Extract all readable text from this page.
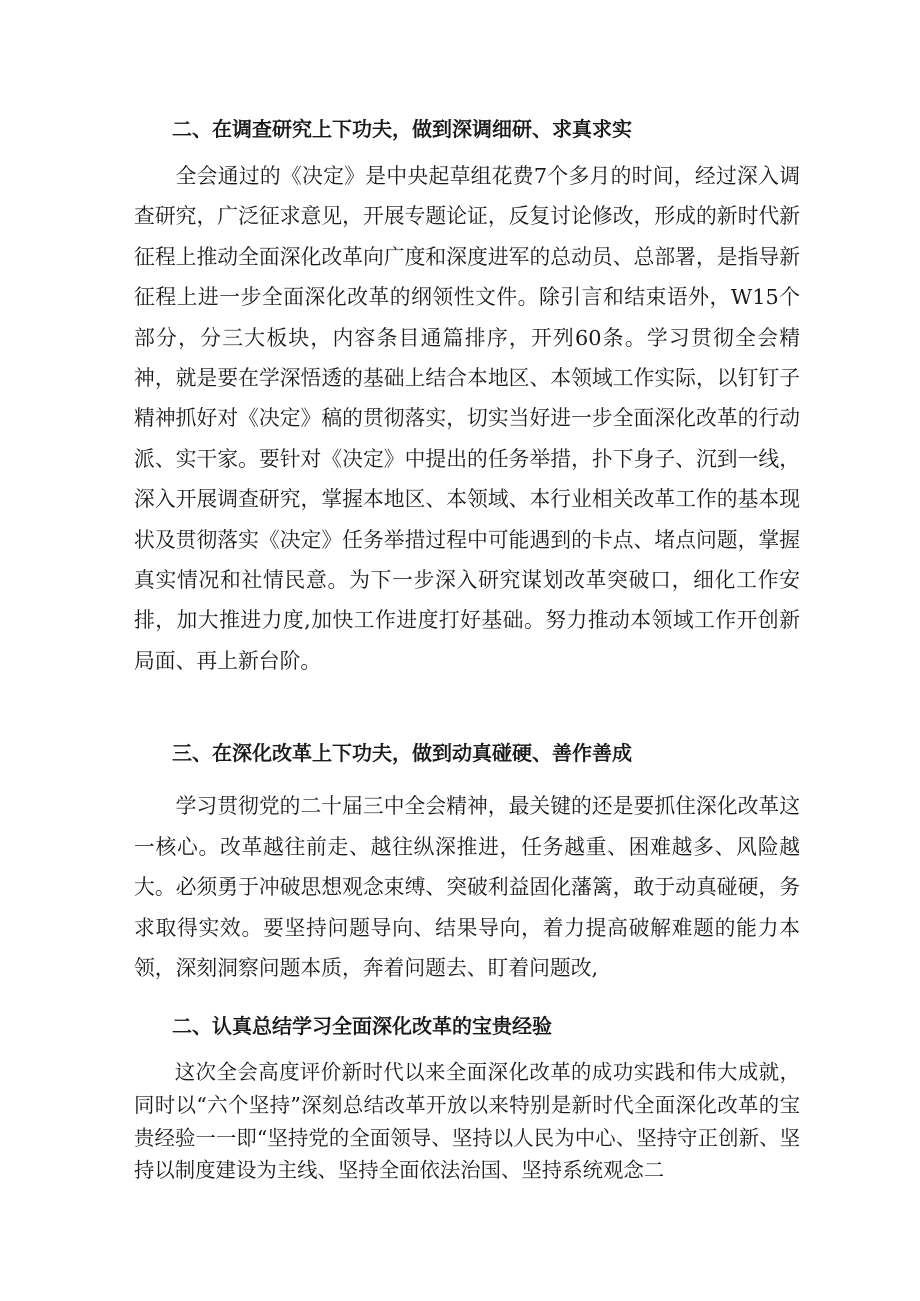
二、在调查研究上下功夫，做到深调细研、求真求实
全会通过的《决定》是中央起草组花费7个多月的时间，经过深入调查研究，广泛征求意见，开展专题论证，反复讨论修改，形成的新时代新征程上推动全面深化改革向广度和深度进军的总动员、总部署，是指导新征程上进一步全面深化改革的纲领性文件。除引言和结束语外，W15个部分，分三大板块，内容条目通篇排序，开列60条。学习贯彻全会精神，就是要在学深悟透的基础上结合本地区、本领域工作实际，以钉钉子精神抓好对《决定》稿的贯彻落实，切实当好进一步全面深化改革的行动派、实干家。要针对《决定》中提出的任务举措，扑下身子、沉到一线，深入开展调查研究，掌握本地区、本领域、本行业相关改革工作的基本现状及贯彻落实《决定》任务举措过程中可能遇到的卡点、堵点问题，掌握真实情况和社情民意。为下一步深入研究谋划改革突破口，细化工作安排，加大推进力度,加快工作进度打好基础。努力推动本领域工作开创新局面、再上新台阶。
三、在深化改革上下功夫，做到动真碰硬、善作善成
学习贯彻党的二十届三中全会精神，最关键的还是要抓住深化改革这一核心。改革越往前走、越往纵深推进，任务越重、困难越多、风险越大。必须勇于冲破思想观念束缚、突破利益固化藩篱，敢于动真碰硬，务求取得实效。要坚持问题导向、结果导向，着力提高破解难题的能力本领，深刻洞察问题本质，奔着问题去、盯着问题改,
二、认真总结学习全面深化改革的宝贵经验
这次全会高度评价新时代以来全面深化改革的成功实践和伟大成就，同时以“六个坚持”深刻总结改革开放以来特别是新时代全面深化改革的宝贵经验一一即“坚持党的全面领导、坚持以人民为中心、坚持守正创新、坚持以制度建设为主线、坚持全面依法治国、坚持系统观念二
